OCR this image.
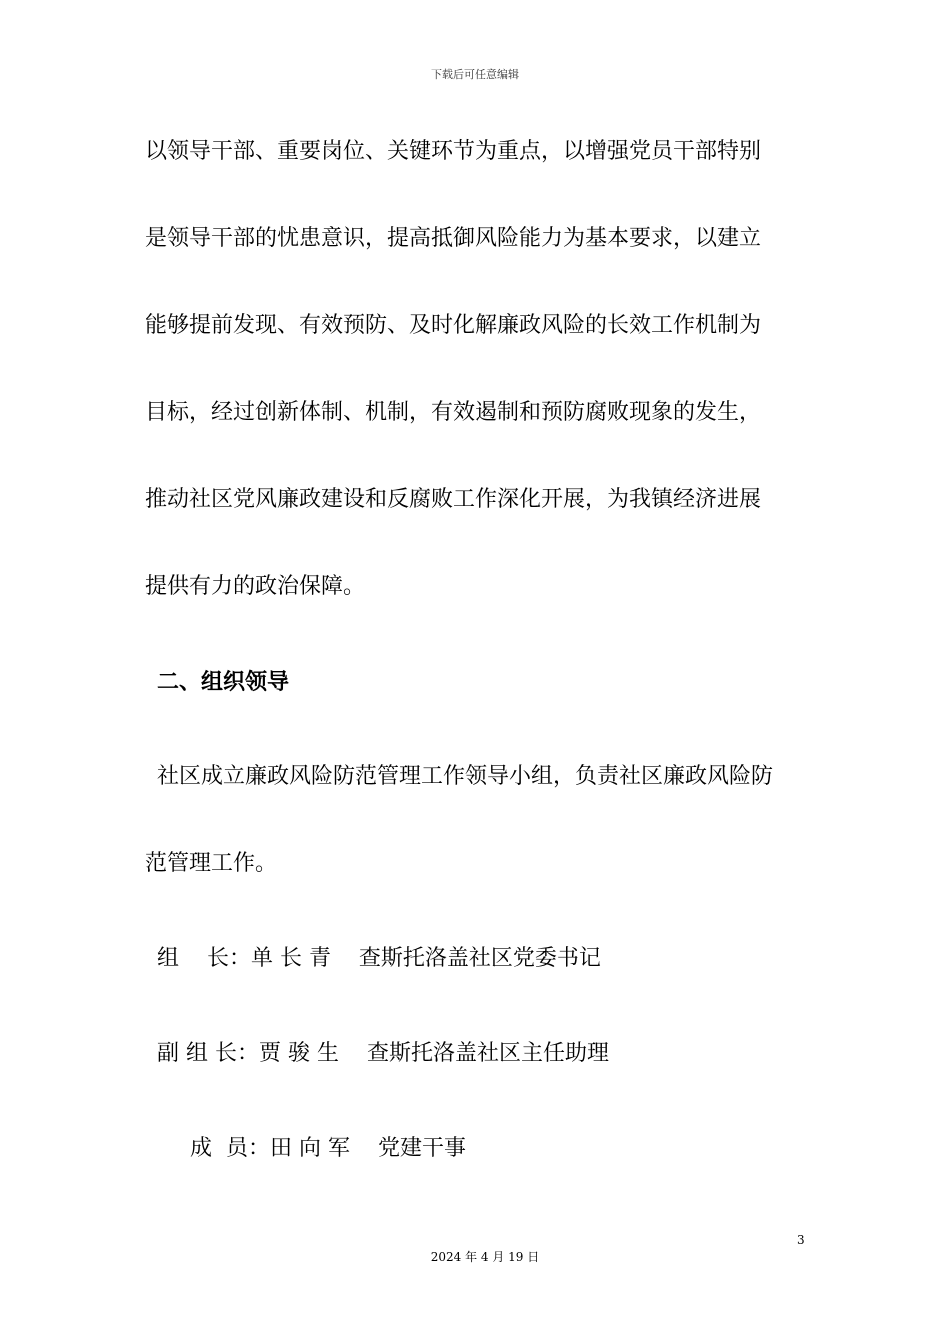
下载后可任意编辑
以领导干部、重要岗位、关键环节为重点，以增强党员干部特别
是领导干部的忧患意识，提高抵御风险能力为基本要求，以建立
能够提前发现、有效预防、及时化解廉政风险的长效工作机制为
目标，经过创新体制、机制，有效遏制和预防腐败现象的发生，
推动社区党风廉政建设和反腐败工作深化开展，为我镇经济进展
提供有力的政治保障。
二、组织领导
社区成立廉政风险防范管理工作领导小组，负责社区廉政风险防
范管理工作。
组    长：单 长 青    查斯托洛盖社区党委书记
副 组 长：贾 骏 生    查斯托洛盖社区主任助理
成  员：田 向 军    党建干事
3
2024 年 4 月 19 日
